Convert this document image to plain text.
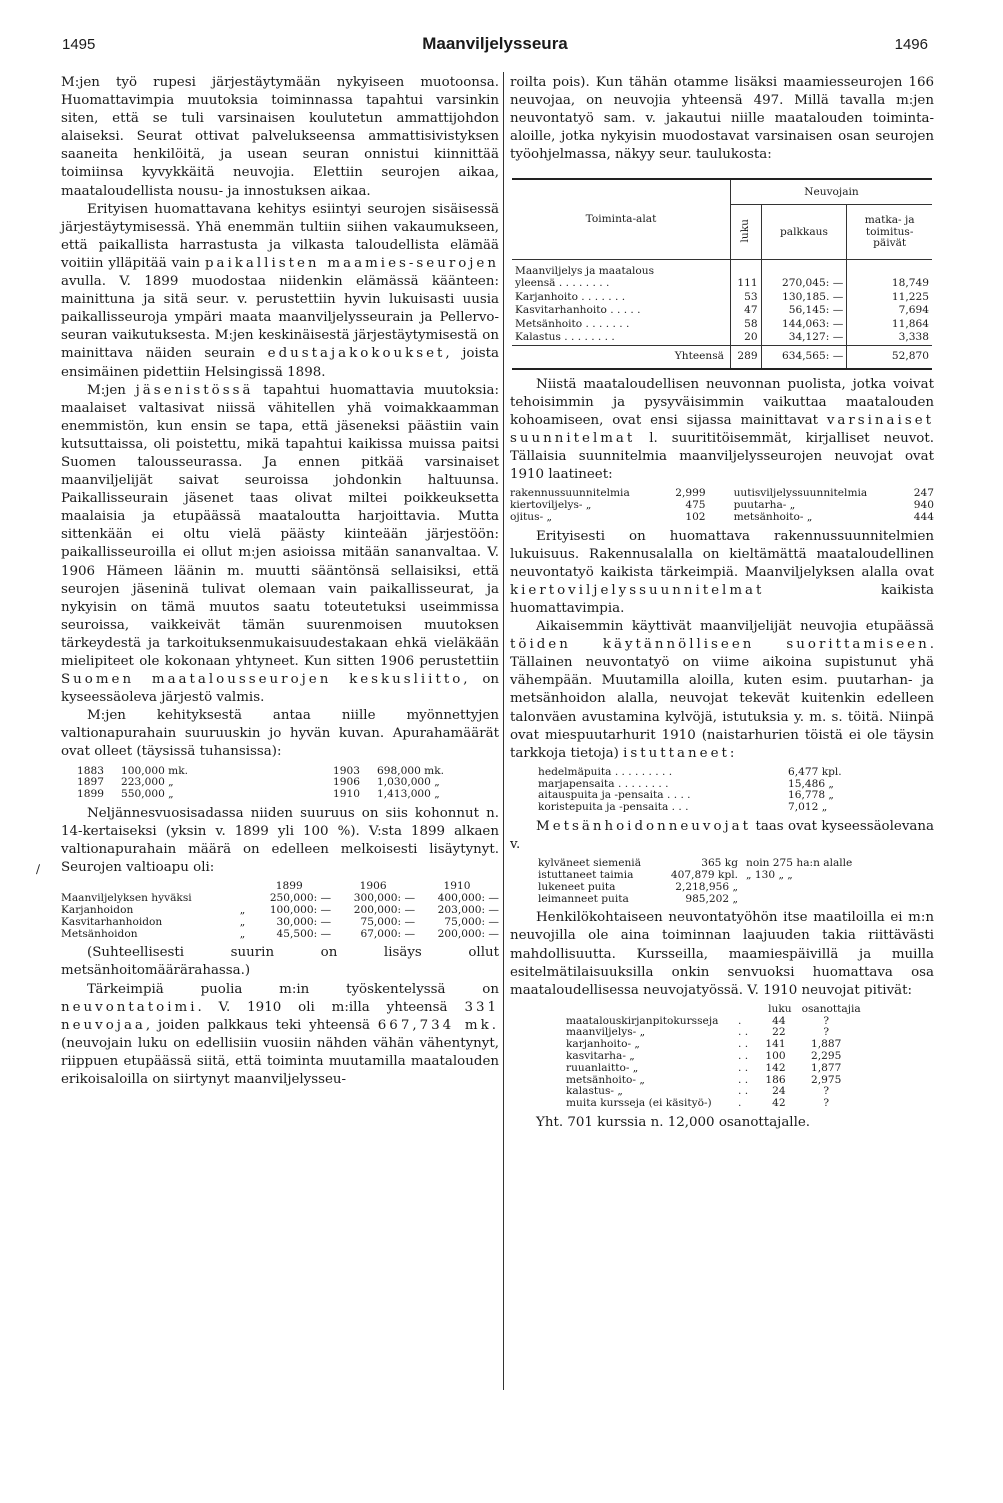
1495	Maanviljelysseura	1496
∕

M:jen työ rupesi järjestäytymään nykyiseen muotoonsa. Huomattavimpia muutoksia toiminnassa tapahtui varsinkin siten, että se tuli varsinaisen koulutetun ammattijohdon alaiseksi. Seurat ottivat palvelukseensa ammattisivistyksen saaneita henkilöitä, ja usean seuran onnistui kiinnittää toimiinsa kyvykkäitä neuvojia. Elettiin seurojen aikaa, maataloudellista nousu- ja innostuksen aikaa.

Erityisen huomattavana kehitys esiintyi seurojen sisäisessä järjestäytymisessä. Yhä enemmän tultiin siihen vakaumukseen, että paikallista harrastusta ja vilkasta taloudellista elämää voitiin ylläpitää vain paikallisten maamies-seurojen avulla. V. 1899 muodostaa niidenkin elämässä käänteen: mainittuna ja sitä seur. v. perustettiin hyvin lukuisasti uusia paikallisseuroja ympäri maata maanviljelysseurain ja Pellervo-seuran vaikutuksesta. M:jen keskinäisestä järjestäytymisestä on mainittava näiden seurain edustajakokoukset, joista ensimäinen pidettiin Helsingissä 1898.

M:jen jäsenistössä tapahtui huomattavia muutoksia: maalaiset valtasivat niissä vähitellen yhä voimakkaamman enemmistön, kun ensin se tapa, että jäseneksi päästiin vain kutsuttaissa, oli poistettu, mikä tapahtui kaikissa muissa paitsi Suomen talousseurassa. Ja ennen pitkää varsinaiset maanviljelijät saivat seuroissa johdonkin haltuunsa. Paikallisseurain jäsenet taas olivat miltei poikkeuksetta maalaisia ja etupäässä maataloutta harjoittavia. Mutta sittenkään ei oltu vielä päästy kiinteään järjestöön: paikallisseuroilla ei ollut m:jen asioissa mitään sananvaltaa. V. 1906 Hämeen läänin m. muutti sääntönsä sellaisiksi, että seurojen jäseninä tulivat olemaan vain paikallisseurat, ja nykyisin on tämä muutos saatu toteutetuksi useimmissa seuroissa, vaikkeivät tämän suurenmoisen muutoksen tärkeydestä ja tarkoituksenmukaisuudestakaan ehkä vieläkään mielipiteet ole kokonaan yhtyneet. Kun sitten 1906 perustettiin Suomen maatalousseurojen keskusliitto, on kyseessäoleva järjestö valmis.

M:jen kehityksestä antaa niille myönnettyjen valtionapurahain suuruuskin jo hyvän kuvan. Apurahamäärät ovat olleet (täysissä tuhansissa):

1883	100,000 mk.	1903	698,000 mk.
1897	223,000 „	1906	1,030,000 „
1899	550,000 „	1910	1,413,000 „

Neljännesvuosisadassa niiden suuruus on siis kohonnut n. 14-kertaiseksi (yksin v. 1899 yli 100 %). V:sta 1899 alkaen valtionapurahain määrä on edelleen melkoisesti lisäytynyt. Seurojen valtioapu oli:

		1899	1906	1910
Maanviljelyksen hyväksi		250,000: —	300,000: —	400,000: —
Karjanhoidon	„	100,000: —	200,000: —	203,000: —
Kasvitarhanhoidon	„	30,000: —	75,000: —	75,000: —
Metsänhoidon	„	45,500: —	67,000: —	200,000: —

(Suhteellisesti suurin on lisäys ollut metsänhoitomäärärahassa.)

Tärkeimpiä puolia m:in työskentelyssä on neuvontatoimi. V. 1910 oli m:illa yhteensä 331 neuvojaa, joiden palkkaus teki yhteensä 667,734 mk. (neuvojain luku on edellisiin vuosiin nähden vähän vähentynyt, riippuen etupäässä siitä, että toiminta muutamilla maatalouden erikoisaloilla on siirtynyt maanviljelysseu-

roilta pois). Kun tähän otamme lisäksi maamiesseurojen 166 neuvojaa, on neuvojia yhteensä 497. Millä tavalla m:jen neuvontatyö sam. v. jakautui niille maatalouden toiminta-aloille, jotka nykyisin muodostavat varsinaisen osan seurojen työohjelmassa, näkyy seur. taulukosta:

Toiminta-alat	Neuvojain		
	luku	palkkaus	matka- ja toimitus-päivät
Maanviljelys ja maatalous
yleensä . . . . . . . .	111	270,045: —	18,749
Karjanhoito . . . . . . .	53	130,185. —	11,225
Kasvitarhanhoito . . . . .	47	56,145: —	7,694
Metsänhoito . . . . . . .	58	144,063: —	11,864
Kalastus . . . . . . . .	20	34,127: —	3,338
Yhteensä	289	634,565: —	52,870

Niistä maataloudellisen neuvonnan puolista, jotka voivat tehoisimmin ja pysyväisimmin vaikuttaa maatalouden kohoamiseen, ovat ensi sijassa mainittavat varsinaiset suunnitelmat l. suurititöisemmät, kirjalliset neuvot. Tällaisia suunnitelmia maanviljelysseurojen neuvojat ovat 1910 laatineet:

rakennussuunnitelmia	2,999	uutisviljelyssuunnitelmia	247
kiertoviljelys- „	475	puutarha- „	940
ojitus- „	102	metsänhoito- „	444

Erityisesti on huomattava rakennussuunnitelmien lukuisuus. Rakennusalalla on kieltämättä maataloudellinen neuvontatyö kaikista tärkeimpiä. Maanviljelyksen alalla ovat kiertoviljelyssuunnitelmat kaikista huomattavimpia.

Aikaisemmin käyttivät maanviljelijät neuvojia etupäässä töiden käytännölliseen suorittamiseen. Tällainen neuvontatyö on viime aikoina supistunut yhä vähempään. Muutamilla aloilla, kuten esim. puutarhan- ja metsänhoidon alalla, neuvojat tekevät kuitenkin edelleen talonväen avustamina kylvöjä, istutuksia y. m. s. töitä. Niinpä ovat miespuutarhurit 1910 (naistarhurien töistä ei ole täysin tarkkoja tietoja) istuttaneet:

hedelmäpuita . . . . . . . . .	6,477 kpl.
marjapensaita . . . . . . . .	15,486 „
aitauspuita ja -pensaita . . . .	16,778 „
koristepuita ja -pensaita . . .	7,012 „

Metsänhoidonneuvojat taas ovat kyseessäolevana v.

kylväneet siemeniä	365 kg	noin 275 ha:n alalle
istuttaneet taimia	407,879 kpl.	„ 130 „ „
lukeneet puita	2,218,956 „	
leimanneet puita	985,202 „	

Henkilökohtaiseen neuvontatyöhön itse maatiloilla ei m:n neuvojilla ole aina toiminnan laajuuden takia riittävästi mahdollisuutta. Kursseilla, maamiespäivillä ja muilla esitelmätilaisuuksilla onkin senvuoksi huomattava osa maataloudellisessa neuvojatyössä. V. 1910 neuvojat pitivät:

		luku	osanottajia
maatalouskirjanpitokursseja	.	44	?
maanviljelys- „	. .	22	?
karjanhoito- „	. .	141	1,887
kasvitarha- „	. .	100	2,295
ruuanlaitto- „	. .	142	1,877
metsänhoito- „	. .	186	2,975
kalastus- „	. .	24	?
muita kursseja (ei käsityö-)	.	42	?

Yht. 701 kurssia n. 12,000 osanottajalle.
